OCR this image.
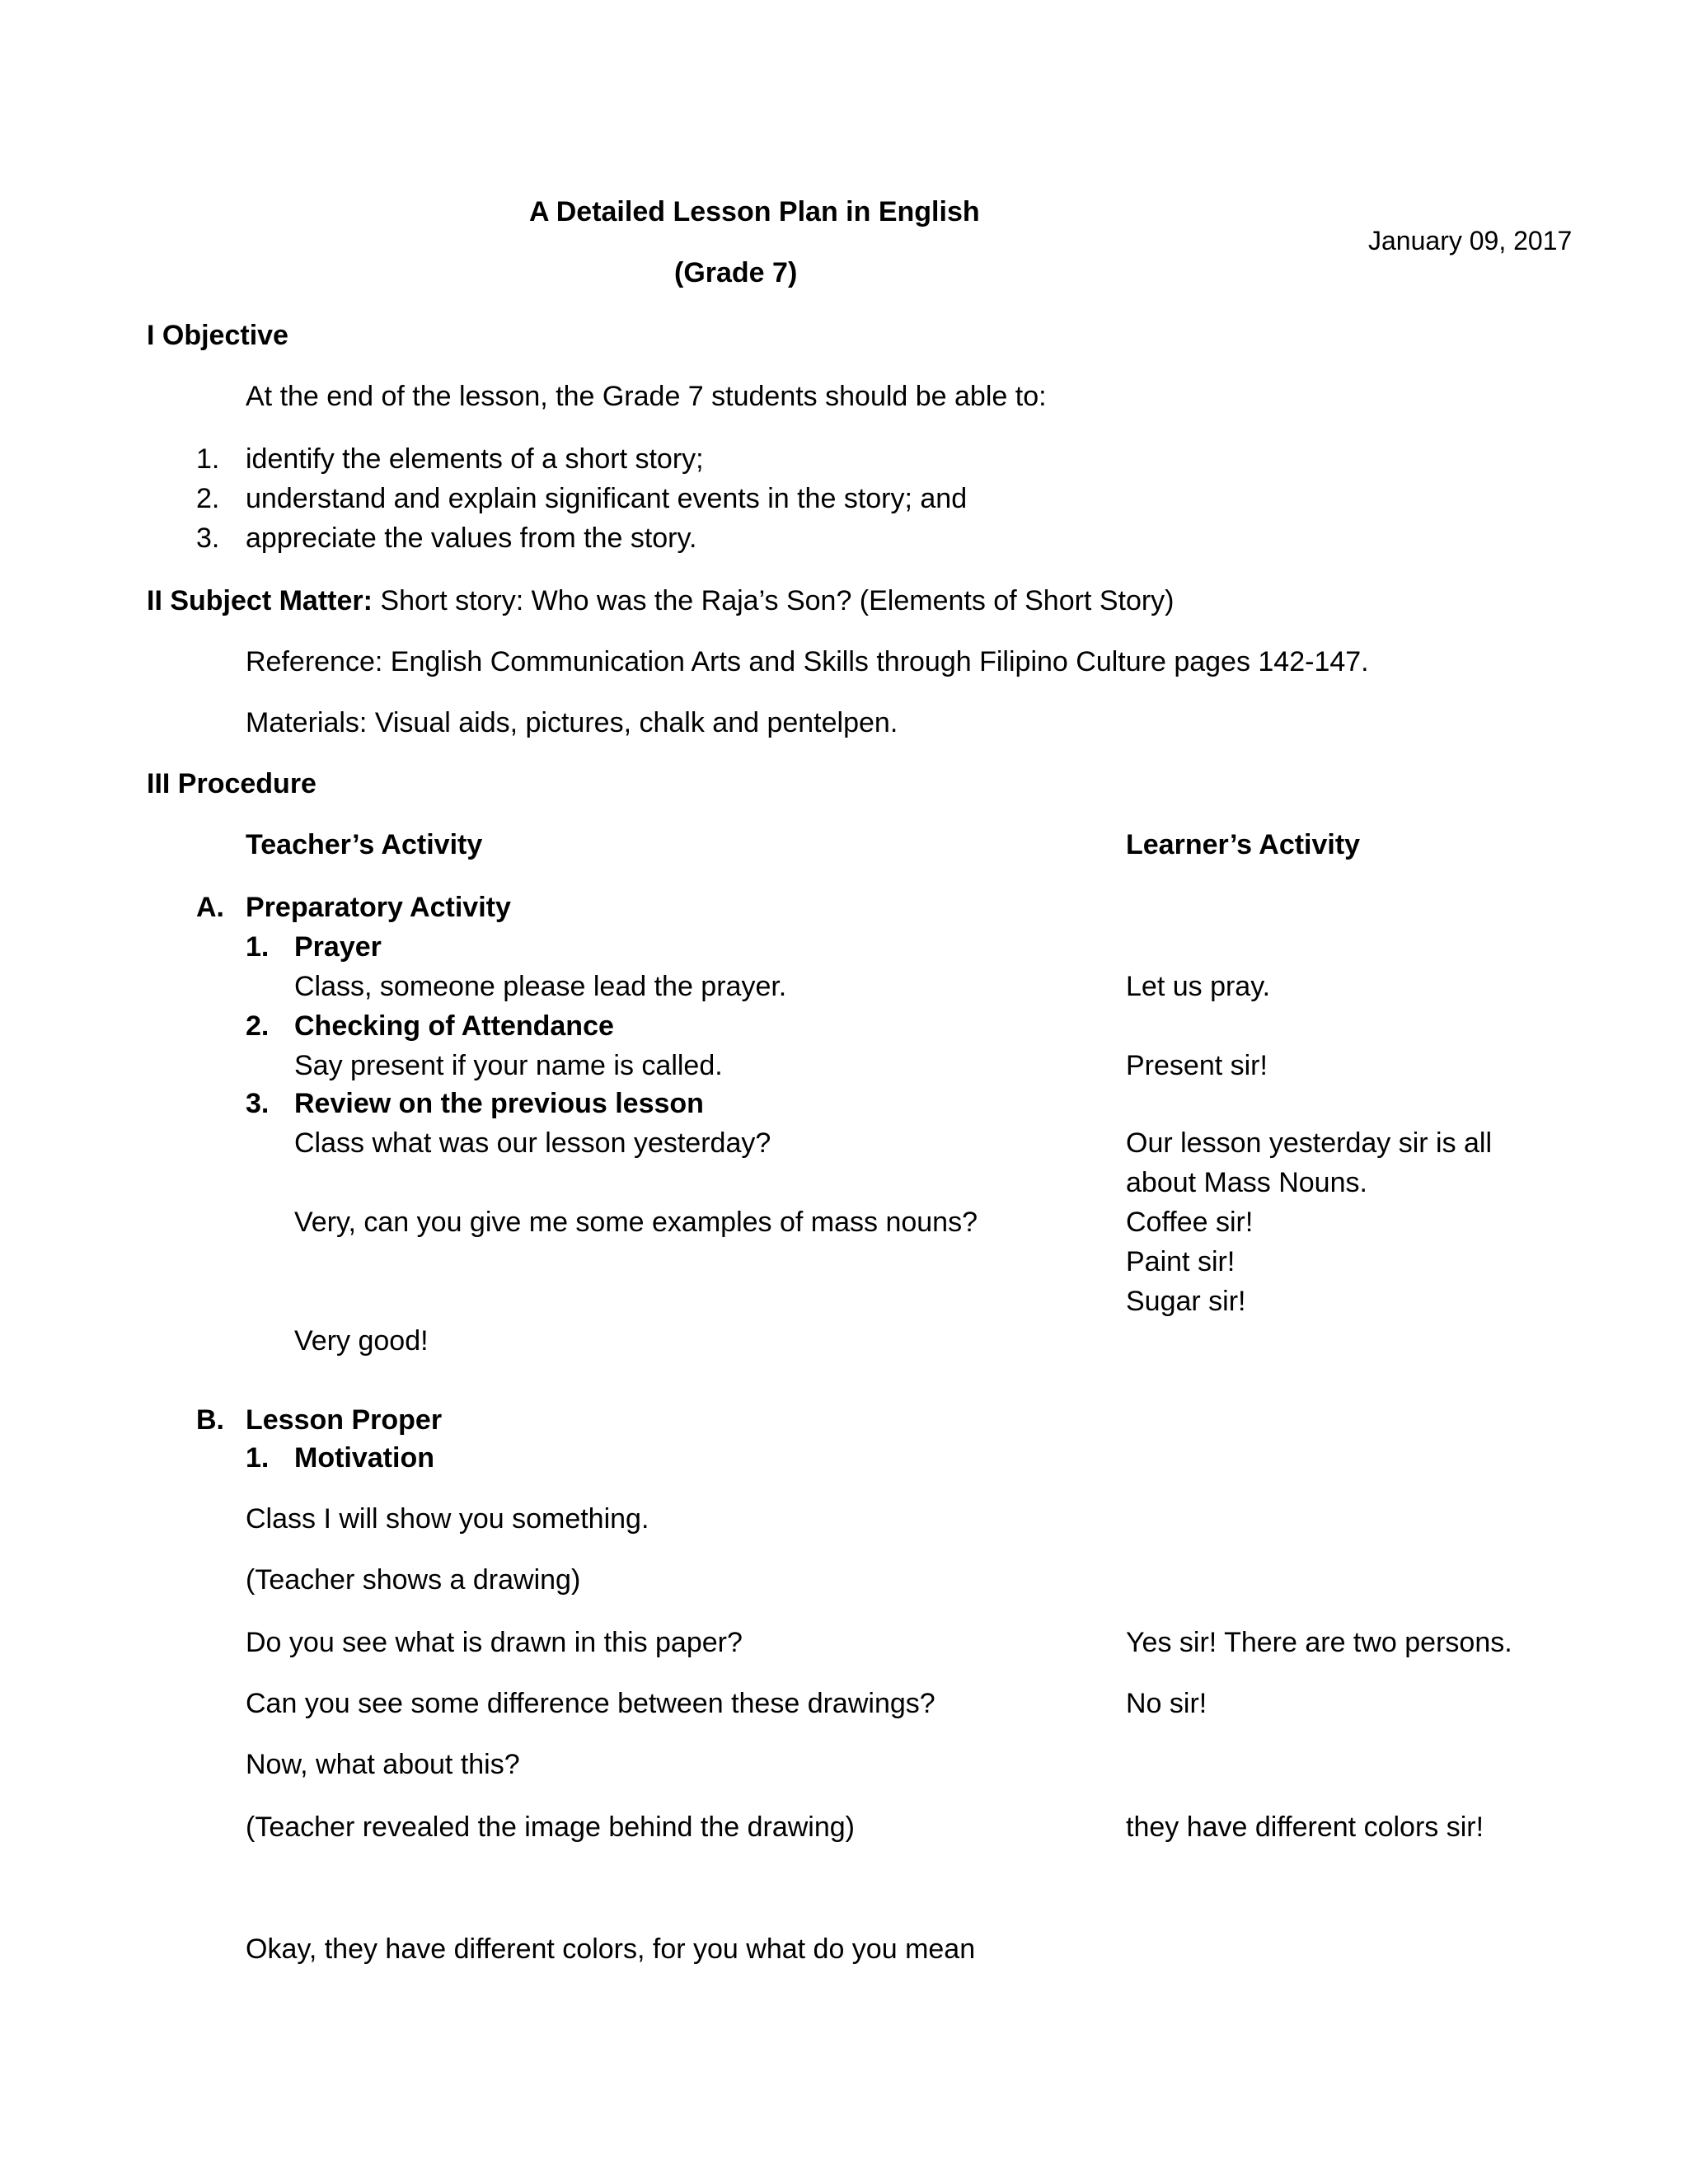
A Detailed Lesson Plan in English
(Grade 7)
January 09, 2017
I Objective
At the end of the lesson, the Grade 7 students should be able to:
1. identify the elements of a short story;
2. understand and explain significant events in the story; and
3. appreciate the values from the story.
II Subject Matter: Short story: Who was the Raja’s Son? (Elements of Short Story)
Reference: English Communication Arts and Skills through Filipino Culture pages 142-147.
Materials: Visual aids, pictures, chalk and pentelpen.
III Procedure
Teacher’s Activity	Learner’s Activity
A. Preparatory Activity
1. Prayer
Class, someone please lead the prayer.	Let us pray.
2. Checking of Attendance
Say present if your name is called.	Present sir!
3. Review on the previous lesson
Class what was our lesson yesterday?	Our lesson yesterday sir is all
about Mass Nouns.
Very, can you give me some examples of mass nouns?	Coffee sir!
Paint sir!
Sugar sir!
Very good!
B. Lesson Proper
1. Motivation
Class I will show you something.
(Teacher shows a drawing)
Do you see what is drawn in this paper?	Yes sir! There are two persons.
Can you see some difference between these drawings?	No sir!
Now, what about this?
(Teacher revealed the image behind the drawing)	they have different colors sir!
Okay, they have different colors, for you what do you mean
